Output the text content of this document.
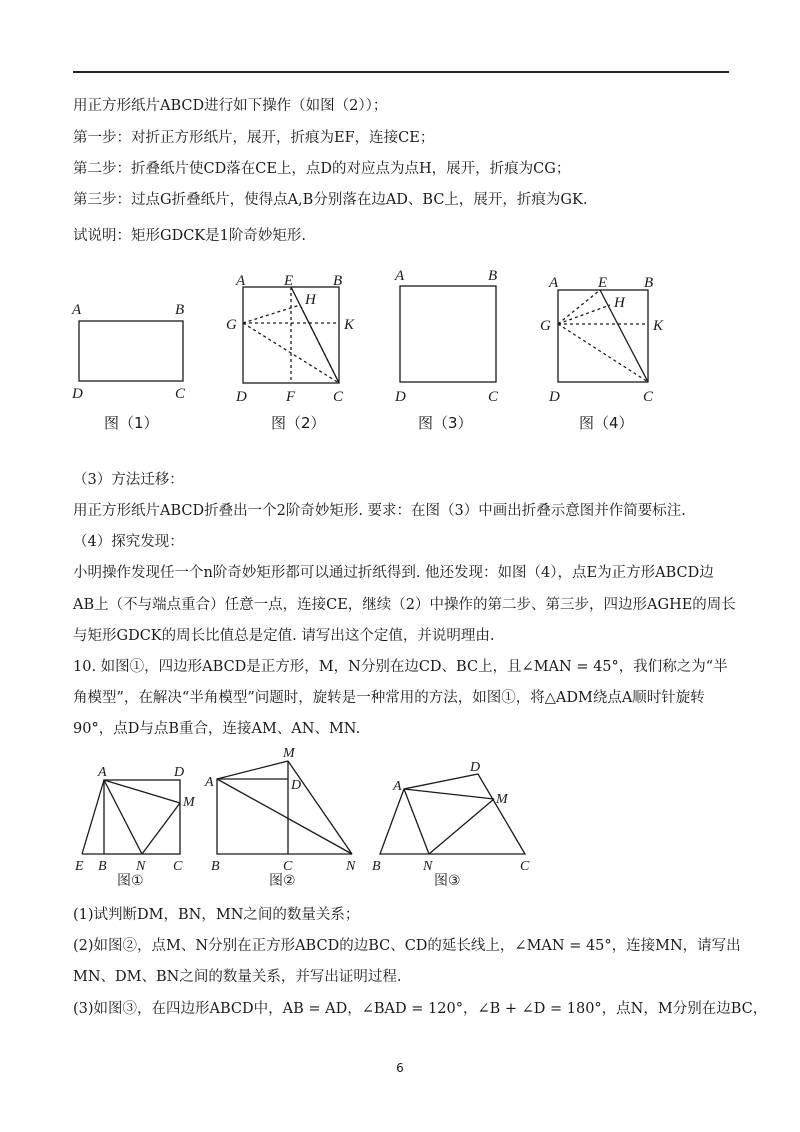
用正方形纸片ABCD进行如下操作（如图（2））；
第一步：对折正方形纸片，展开，折痕为EF，连接CE；
第二步：折叠纸片使CD落在CE上，点D的对应点为点H，展开，折痕为CG；
第三步：过点G折叠纸片，使得点A,B分别落在边AD、BC上，展开，折痕为GK.
试说明：矩形GDCK是1阶奇妙矩形.
（3）方法迁移：
用正方形纸片ABCD折叠出一个2阶奇妙矩形. 要求：在图（3）中画出折叠示意图并作简要标注.
（4）探究发现：
小明操作发现任一个n阶奇妙矩形都可以通过折纸得到. 他还发现：如图（4），点E为正方形ABCD边
AB上（不与端点重合）任意一点，连接CE，继续（2）中操作的第二步、第三步，四边形AGHE的周长
与矩形GDCK的周长比值总是定值. 请写出这个定值，并说明理由.
10. 如图①，四边形ABCD是正方形，M，N分别在边CD、BC上，且∠MAN = 45°，我们称之为“半
角模型”，在解决“半角模型”问题时，旋转是一种常用的方法，如图①，将△ADM绕点A顺时针旋转
90°，点D与点B重合，连接AM、AN、MN.
(1)试判断DM，BN，MN之间的数量关系；
(2)如图②，点M、N分别在正方形ABCD的边BC、CD的延长线上，∠MAN = 45°，连接MN，请写出
MN、DM、BN之间的数量关系，并写出证明过程.
(3)如图③，在四边形ABCD中，AB = AD，∠BAD = 120°，∠B + ∠D = 180°，点N，M分别在边BC，
A	B
D	C
图（1）
A	E	B
H
G	K
D	F	C
图（2）
A	B
D	C
图（3）
A	E B
H
G	K
D	C
图（4）
A	D
M
E B N C
图①
M
A	D
B	C	N
图②
D
A
M
B	N	C
图③
6
